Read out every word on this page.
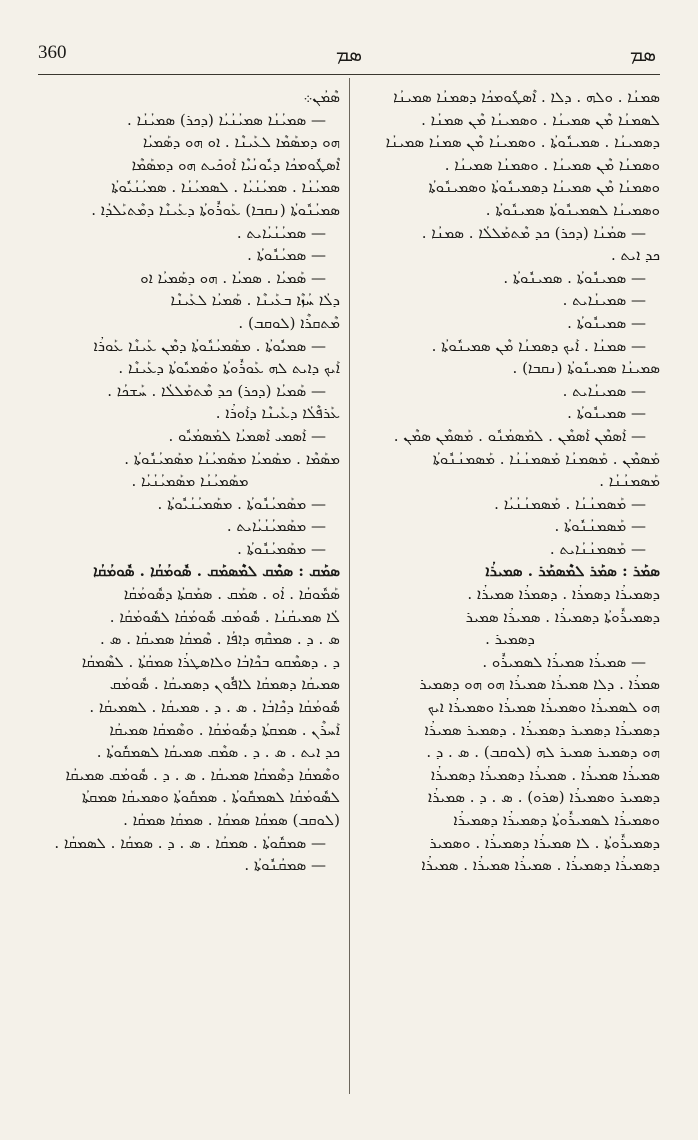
360	ܣܡ	ܣܡ
ܣܶܡܳܢ܀
— ܣܡܝܳܢܳܐ ܣܡܝܳܢܳܝܳܐ (ܕܟܪ) ܣܡܝܳܢܳܐ .
ܗܘ ܕܡܣܰܡܶܐ ܠܥܰܝܢܶܐ . ܐܘ ܗܘ ܕܣܰܡܝܳܐ
ܐܶܣܛܽܘܡܟܳܐ ܕܝܽܘܢܳܝܶܐ ܐܰܘܟܺܝܬ ܗܘ ܕܡܣܰܡܶܐ
ܣܡܝܳܢܳܐ . ܣܡܝܳܢܳܝܳܐ . ܠܣܡܝܳܢܳܐ . ܣܡܝܳܢܳܝܽܘܬܳܐ
ܣܡܝܳܢܽܘܬܳܐ (ܢܩܒܐ) ܥܰܘܪܽܘܬܳܐ ܕܥܰܝܢܶܐ ܕܡܶܬܝܰܠܕܳܐ .
— ܣܡܝܳܢܳܝܳܐܝܬ .
— ܣܡܝܳܢܽܘܬܳܐ .
— ܣܰܡܝܳܐ . ܣܡܝܳܐ . ܗܘ ܕܣܰܡܝܳܐ ܐܘ
ܕܠܳܐ ܚܳܙܶܐ ܒܥܰܝܢܶܐ . ܣܰܡܝܳܐ ܠܥܰܝܢܶܐ
ܡܶܬܩܪܶܐ (ܠܘܩܒ) .
— ܣܡܝܽܘܬܳܐ . ܡܣܰܡܝܳܢܽܘܬܳܐ ܕܡܶܢ ܥܰܝܢܶܐ ܥܰܘܪܳܐ
ܐܰܝܟ ܕܐܝܬ ܠܗ ܥܰܘܪܽܘܬܳܐ ܘܣܰܡܝܽܘܬܳܐ ܕܥܰܝܢܶܐ .
— ܣܰܡܝܳܐ (ܕܟܪ) ܟܕ ܡܶܬܡܰܠܠܳܐ . ܚܰܫܟܳܐ .
ܥܰܪܦܶܠܳܐ ܕܥܰܝܢܶܐ ܕܐܰܘܪܳܐ .
— ܐܰܣܡܝ ܐܰܣܡܝܳܐ ܠܡܰܣܡܳܝܽܘ .
ܡܣܰܡܶܐ . ܡܣܰܡܝܳܐ ܡܣܰܡܝܳܢܳܐ ܡܣܰܡܝܳܢܽܘܬܳܐ .
ܡܣܰܡܝܳܢܳܐ ܡܣܰܡܝܳܢܳܝܳܐ .
— ܡܣܰܡܝܳܢܽܘܬܳܐ . ܡܣܰܡܝܳܢܳܝܽܘܬܳܐ .
— ܡܣܰܡܝܳܢܳܝܳܐܝܬ .
— ܡܣܰܡܝܳܢܽܘܬܳܐ .
ܣܡܰܩ : ܣܡܶܩ ܠܡܶܣܡܰܩ . ܣܽܘܡܳܩܳܐ . ܣܽܘܡܳܩܳܐ
ܣܰܡܽܘܩܳܐ . ܐܳܘ . ܣܡܰܩ . ܣܡܰܩܬܳܐ ܕܣܽܘܡܳܩܳܐ
ܠܳܐ ܣܡܝܩܳܢܳܐ . ܣܽܘܡܳܩ ܣܽܘܡܳܩܳܐ ܠܣܽܘܡܳܩܳܐ .
ܣ . ܕ . ܣܡܩܶܗ ܕܐܦܳܐ . ܣܶܡܩܳܐ ܣܡܝܩܳܐ . ܣ .
ܕ . ܕܣܡܶܩܘ ܒܟܶܐܒܳܐ ܘܠܐܣܛܪܳܐ ܣܡܩܳܬܳܐ . ܠܣܶܡܩܳܐ
ܣܡܝܩܳܐ ܕܣܡܩܳܐ ܠܐܦܽܘܢ ܕܣܡܝܩܳܐ . ܣܽܘܡܳܩ
ܣܽܘܡܳܩܳܐ ܕܟܶܐܒܳܐ . ܣ . ܕ . ܣܡܝܩܳܐ . ܠܣܡܝܩܳܐ .
ܐܰܚܪܶܢ . ܣܡܩܬܳܐ ܕܣܽܘܡܳܩܳܐ . ܘܣܶܡܩܳܐ ܣܡܝܩܳܐ
ܟܕ ܐܝܬ . ܣ . ܕ . ܣܡܶܩ ܣܡܝܩܳܐ ܠܣܡܩܽܘܬܳܐ .
ܘܣܶܡܩܳܐ ܕܣܶܡܩܳܐ ܣܡܝܩܳܐ . ܣ . ܕ . ܣܽܘܡܳܩ ܣܡܝܩܳܐ
ܠܣܽܘܡܳܩܳܐ ܠܣܡܩܽܘܬܳܐ . ܣܡܩܽܘܬܳܐ ܘܣܡܝܩܳܐ ܣܡܩܬܳܐ
(ܠܘܩܒ) ܣܡܩܳܐ ܣܡܩܳܐ . ܣܡܩܳܐ ܣܡܩܳܐ .
— ܣܡܩܽܘܬܳܐ . ܣܡܩܳܐ . ܣ . ܕ . ܣܡܩܳܐ . ܠܣܡܩܳܐ .
— ܣܡܩܳܢܽܘܬܳܐ .
ܣܡܢܳܐ . ܘܠܗ . ܕܠܐ . ܐܶܣܛܽܘܡܟܳܐ ܕܣܡܢܳܐ ܣܡܝܢܳܐ
ܠܣܡܢܳܐ ܡܶܢ ܣܡܝܢܳܐ . ܘܣܡܝܢܳܐ ܡܶܢ ܣܡܢܳܐ .
ܕܣܡܝܢܳܐ . ܣܡܝܢܽܘܬܳܐ . ܘܣܡܝܢܳܐ ܡܶܢ ܣܡܢܳܐ ܣܡܝܢܳܐ
ܘܣܡܢܳܐ ܡܶܢ ܣܡܝܢܳܐ . ܘܣܡܢܳܐ ܣܡܝܢܳܐ .
ܘܣܡܢܳܐ ܡܶܢ ܣܡܝܢܳܐ ܕܣܡܝܢܽܘܬܳܐ ܘܣܡܝܢܽܘܬܳܐ
ܘܣܡܝܢܳܐ ܠܣܡܝܢܽܘܬܳܐ ܣܡܝܢܽܘܬܳܐ .
— ܣܡܳܢܳܐ (ܕܟܪ) ܟܕ ܡܶܬܡܰܠܠܳܐ . ܣܡܢܳܐ .
ܟܕ ܐܝܬ .
— ܣܡܝܢܽܘܬܳܐ . ܣܡܝܢܽܘܬܳܐ .
— ܣܡܝܢܳܐܝܬ .
— ܣܡܝܢܽܘܬܳܐ .
— ܣܡܢܳܐ . ܐܰܝܟ ܕܣܡܢܳܐ ܡܶܢ ܣܡܝܢܽܘܬܳܐ .
ܣܡܝܢܳܐ ܣܡܝܢܽܘܬܳܐ (ܢܩܒܐ) .
— ܣܡܝܢܳܐܝܬ .
— ܣܡܝܢܽܘܬܳܐ .
— ܐܰܣܡܶܢ ܐܰܣܡܶܢ . ܠܡܰܣܡܳܢܽܘ . ܡܰܣܡܶܢ ܣܡܶܢ .
ܡܰܣܡܶܢ . ܡܰܣܡܢܳܐ ܡܰܣܡܢܳܢܳܐ . ܡܰܣܡܢܳܢܽܘܬܳܐ
ܡܰܣܡܢܳܢܳܐ .
— ܡܰܣܡܢܳܢܳܐ . ܡܰܣܡܢܳܢܳܝܳܐ .
— ܡܰܣܡܢܳܢܽܘܬܳܐ .
— ܡܰܣܡܢܳܢܳܐܝܬ .
ܣܡܰܪ : ܣܡܰܪ ܠܡܶܣܡܰܪ . ܣܡܝܪܳܐ
ܕܣܡܝܪܳܐ ܕܣܡܪܳܐ . ܕܣܡܪܳܐ ܣܡܝܪܳܐ .
ܕܣܡܝܪܽܘܬܳܐ ܕܣܡܝܪܳܐ . ܣܡܝܪܳܐ ܣܡܝܪ
ܕܣܡܝܪ .
— ܣܡܝܪܳܐ ܣܡܝܪܳܐ ܠܣܡܝܪܽܘ .
ܣܡܪܳܐ . ܕܠܐ ܣܡܝܪܳܐ ܣܡܝܪܳܐ ܗܘ ܗܘ ܕܣܡܝܪ
ܗܘ ܠܣܡܝܪܳܐ ܘܣܡܝܪܳܐ ܣܡܝܪܳܐ ܘܣܡܝܪܳܐ ܐܝܟ
ܕܣܡܝܪܳܐ ܕܣܡܝܪ ܕܣܡܝܪܳܐ . ܕܣܡܝܪ ܣܡܝܪܳܐ
ܗܘ ܕܣܡܝܪ ܣܡܝܪ ܠܗ (ܠܘܩܒ) . ܣ . ܕ .
ܣܡܝܪܳܐ ܣܡܝܪܳܐ . ܣܡܝܪܳܐ ܕܣܡܝܪܳܐ ܕܣܡܝܪܳܐ
ܕܣܡܝܪ ܘܣܡܝܪܳܐ (ܣܪܘ) . ܣ . ܕ . ܣܡܝܪܳܐ
ܘܣܡܝܪܳܐ ܠܣܡܝܪܽܘܬܳܐ ܕܣܡܝܪܳܐ ܕܣܡܝܪܳܐ
ܕܣܡܝܪܽܘܬܳܐ . ܠܐ ܣܡܝܪܳܐ ܕܣܡܝܪܳܐ . ܘܣܡܝܪ
ܕܣܡܝܪܳܐ ܕܣܡܝܪܳܐ . ܣܡܝܪܳܐ ܣܡܝܪܳܐ . ܣܡܝܪܳܐ
